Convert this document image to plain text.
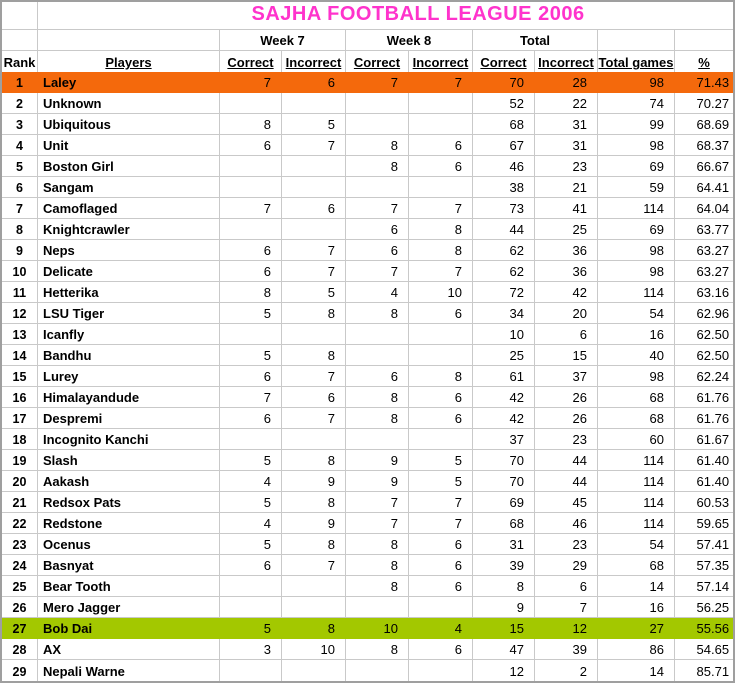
	SAJHA FOOTBALL LEAGUE 2006								
		Week 7		Week 8		Total			
Rank	Players	Correct	Incorrect	Correct	Incorrect	Correct	Incorrect	Total games	%
1	Laley	7	6	7	7	70	28	98	71.43
2	Unknown					52	22	74	70.27
3	Ubiquitous	8	5			68	31	99	68.69
4	Unit	6	7	8	6	67	31	98	68.37
5	Boston Girl			8	6	46	23	69	66.67
6	Sangam					38	21	59	64.41
7	Camoflaged	7	6	7	7	73	41	114	64.04
8	Knightcrawler			6	8	44	25	69	63.77
9	Neps	6	7	6	8	62	36	98	63.27
10	Delicate	6	7	7	7	62	36	98	63.27
11	Hetterika	8	5	4	10	72	42	114	63.16
12	LSU Tiger	5	8	8	6	34	20	54	62.96
13	Icanfly					10	6	16	62.50
14	Bandhu	5	8			25	15	40	62.50
15	Lurey	6	7	6	8	61	37	98	62.24
16	Himalayandude	7	6	8	6	42	26	68	61.76
17	Despremi	6	7	8	6	42	26	68	61.76
18	Incognito Kanchi					37	23	60	61.67
19	Slash	5	8	9	5	70	44	114	61.40
20	Aakash	4	9	9	5	70	44	114	61.40
21	Redsox Pats	5	8	7	7	69	45	114	60.53
22	Redstone	4	9	7	7	68	46	114	59.65
23	Ocenus	5	8	8	6	31	23	54	57.41
24	Basnyat	6	7	8	6	39	29	68	57.35
25	Bear Tooth			8	6	8	6	14	57.14
26	Mero Jagger					9	7	16	56.25
27	Bob Dai	5	8	10	4	15	12	27	55.56
28	AX	3	10	8	6	47	39	86	54.65
29	Nepali Warne					12	2	14	85.71
